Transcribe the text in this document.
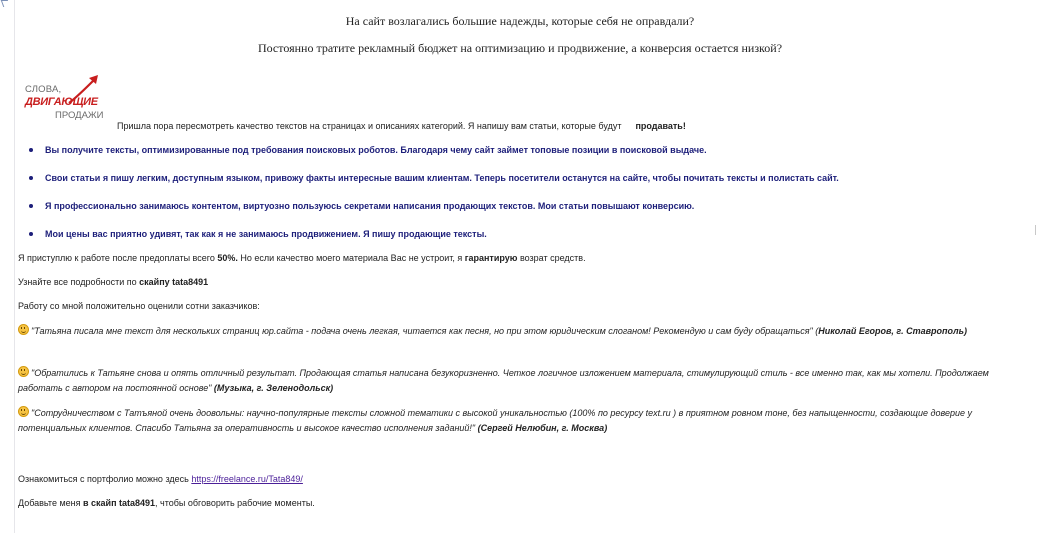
На сайт возлагались большие надежды, которые себя не оправдали?
Постоянно тратите рекламный бюджет на оптимизацию и продвижение, а конверсия остается низкой?
СЛОВА,
ДВИГАЮЩИЕ
ПРОДАЖИ
Пришла пора пересмотреть качество текстов на страницах и описаниях категорий. Я напишу вам статьи, которые будут продавать!
Вы получите тексты, оптимизированные под требования поисковых роботов. Благодаря чему сайт займет топовые позиции в поисковой выдаче.
Свои статьи я пишу легким, доступным языком, привожу факты интересные вашим клиентам. Теперь посетители останутся на сайте, чтобы почитать тексты и полистать сайт.
Я профессионально занимаюсь контентом, виртуозно пользуюсь секретами написания продающих текстов. Мои статьи повышают конверсию.
Мои цены вас приятно удивят, так как я не занимаюсь продвижением. Я пишу продающие тексты.
Я приступлю к работе после предоплаты всего 50%. Но если качество моего материала Вас не устроит, я гарантирую возрат средств.
Узнайте все подробности по скайпу tata8491
Работу со мной положительно оценили сотни заказчиков:
"Татьяна писала мне текст для нескольких страниц юр.сайта - подача очень легкая, читается как песня, но при этом юридическим слоганом! Рекомендую и сам буду обращаться" (Николай Егоров, г. Ставрополь)
"Обратились к Татьяне снова и опять отличный результат. Продающая статья написана безукоризненно. Четкое логичное изложением материала, стимулирующий стиль - все именно так, как мы хотели. Продолжаем работать с автором на постоянной основе" (Музыка, г. Зеленодольск)
"Сотрудничеством с Татъяной очень доовольны: научно-популярные тексты сложной тематики с высокой уникальностью (100% по ресурсу text.ru ) в приятном ровном тоне, без напыщенности, создающие доверие у потенциальных клиентов. Спасибо Татьяна за оперативность и высокое качество исполнения заданий!" (Сергей Нелюбин, г. Москва)
Ознакомиться с портфолио можно здесь https://freelance.ru/Tata849/
Добавьте меня в скайп tata8491, чтобы обговорить рабочие моменты.
